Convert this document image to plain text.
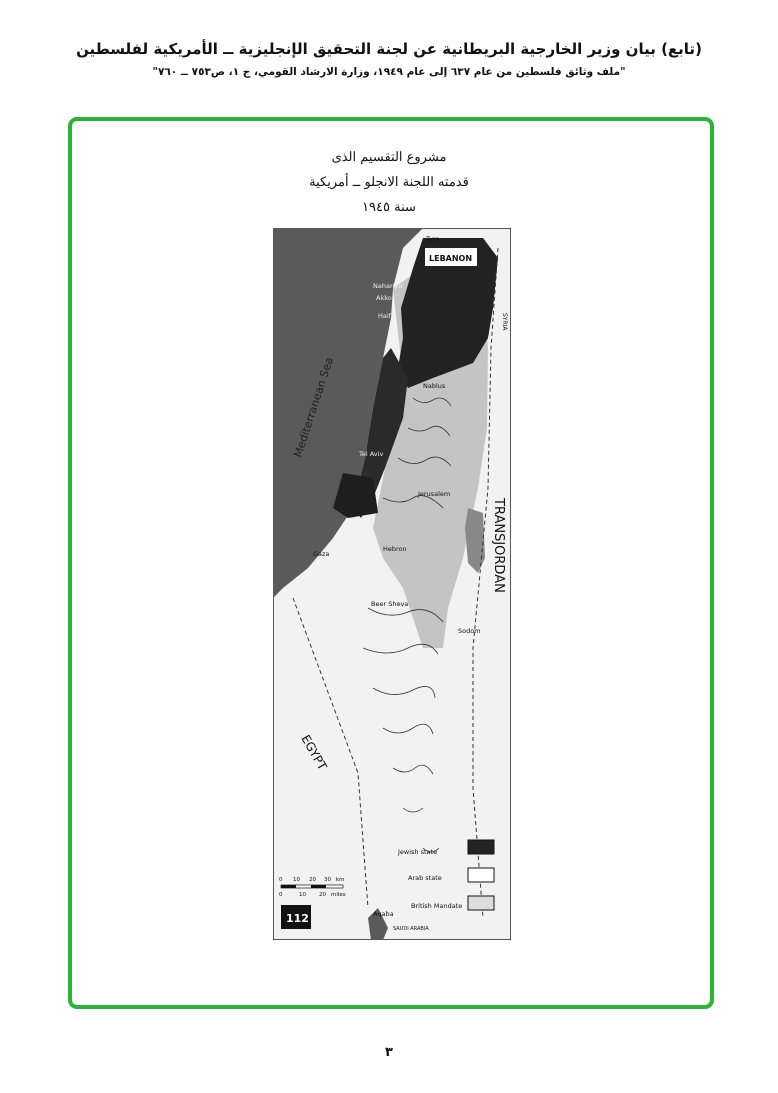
(تابع) بيان وزير الخارجية البريطانية عن لجنة التحقيق الإنجليزية ــ الأمريكية لفلسطين
"ملف وثائق فلسطين من عام ٦٣٧ إلى عام ١٩٤٩، وزارة الارشاد القومي، ج ١، ص٧٥٣ ــ ٧٦٠"
مشروع التقسيم الذى
قدمته اللجنة الانجلو ــ أمريكية
سنة ١٩٤٥
Tyre
LEBANON
SYRIA
Nahariya
Akko
Haifa
Mediterranean Sea	Nablus
Tel Aviv
Jerusalem
Gaza
Hebron
Beer Sheva
Sodom
TRANSJORDAN
EGYPT
Aqaba
SAUDI ARABIA
Jewish state
Arab state
British Mandate
0 10 20 30 km
0	10 20 miles
112
٣
